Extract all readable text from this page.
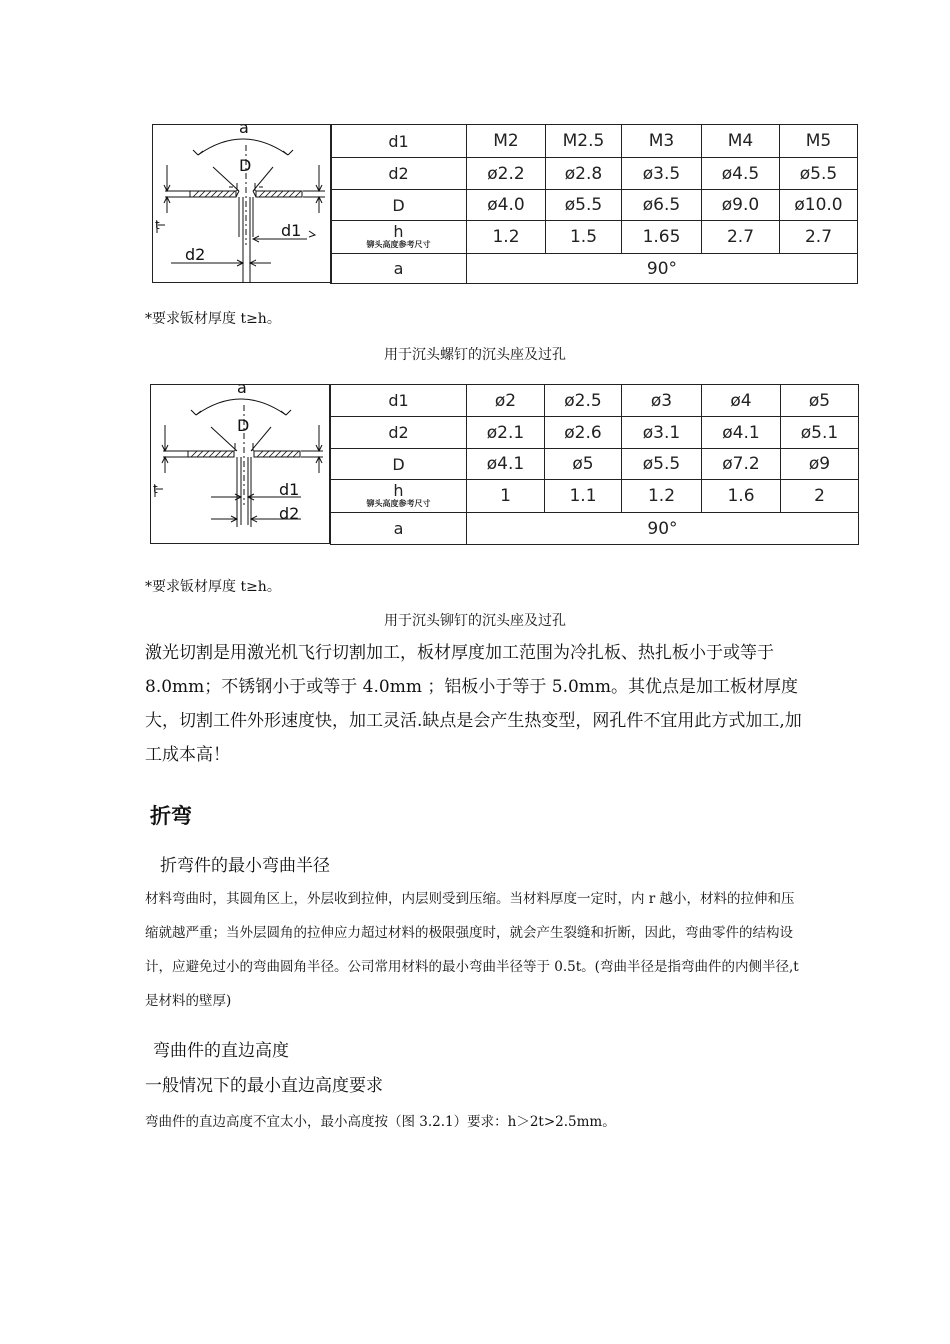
a
D
d1
d2
t
d1	M2	M2.5	M3	M4	M5
d2	ø2.2	ø2.8	ø3.5	ø4.5	ø5.5
D	ø4.0	ø5.5	ø6.5	ø9.0	ø10.0

h
铆头高度参考尺寸	1.2	1.5	1.65	2.7	2.7
a	90°				
*要求钣材厚度 t≥h。
用于沉头螺钉的沉头座及过孔
a
D
d1
d2
t
d1	ø2	ø2.5	ø3	ø4	ø5
d2	ø2.1	ø2.6	ø3.1	ø4.1	ø5.1
D	ø4.1	ø5	ø5.5	ø7.2	ø9

h
铆头高度参考尺寸	1	1.1	1.2	1.6	2
a	90°				
*要求钣材厚度 t≥h。
用于沉头铆钉的沉头座及过孔
激光切割是用激光机飞行切割加工，板材厚度加工范围为冷扎板、热扎板小于或等于 8.0mm；不锈钢小于或等于 4.0mm ；铝板小于等于 5.0mm。其优点是加工板材厚度大，切割工件外形速度快，加工灵活.缺点是会产生热变型，网孔件不宜用此方式加工,加工成本高！
折弯
折弯件的最小弯曲半径
材料弯曲时，其圆角区上，外层收到拉伸，内层则受到压缩。当材料厚度一定时，内 r 越小，材料的拉伸和压缩就越严重；当外层圆角的拉伸应力超过材料的极限强度时，就会产生裂缝和折断，因此，弯曲零件的结构设计，应避免过小的弯曲圆角半径。公司常用材料的最小弯曲半径等于 0.5t。(弯曲半径是指弯曲件的内侧半径,t 是材料的壁厚)
弯曲件的直边高度
一般情况下的最小直边高度要求
弯曲件的直边高度不宜太小，最小高度按（图 3.2.1）要求：h＞2t>2.5mm。
